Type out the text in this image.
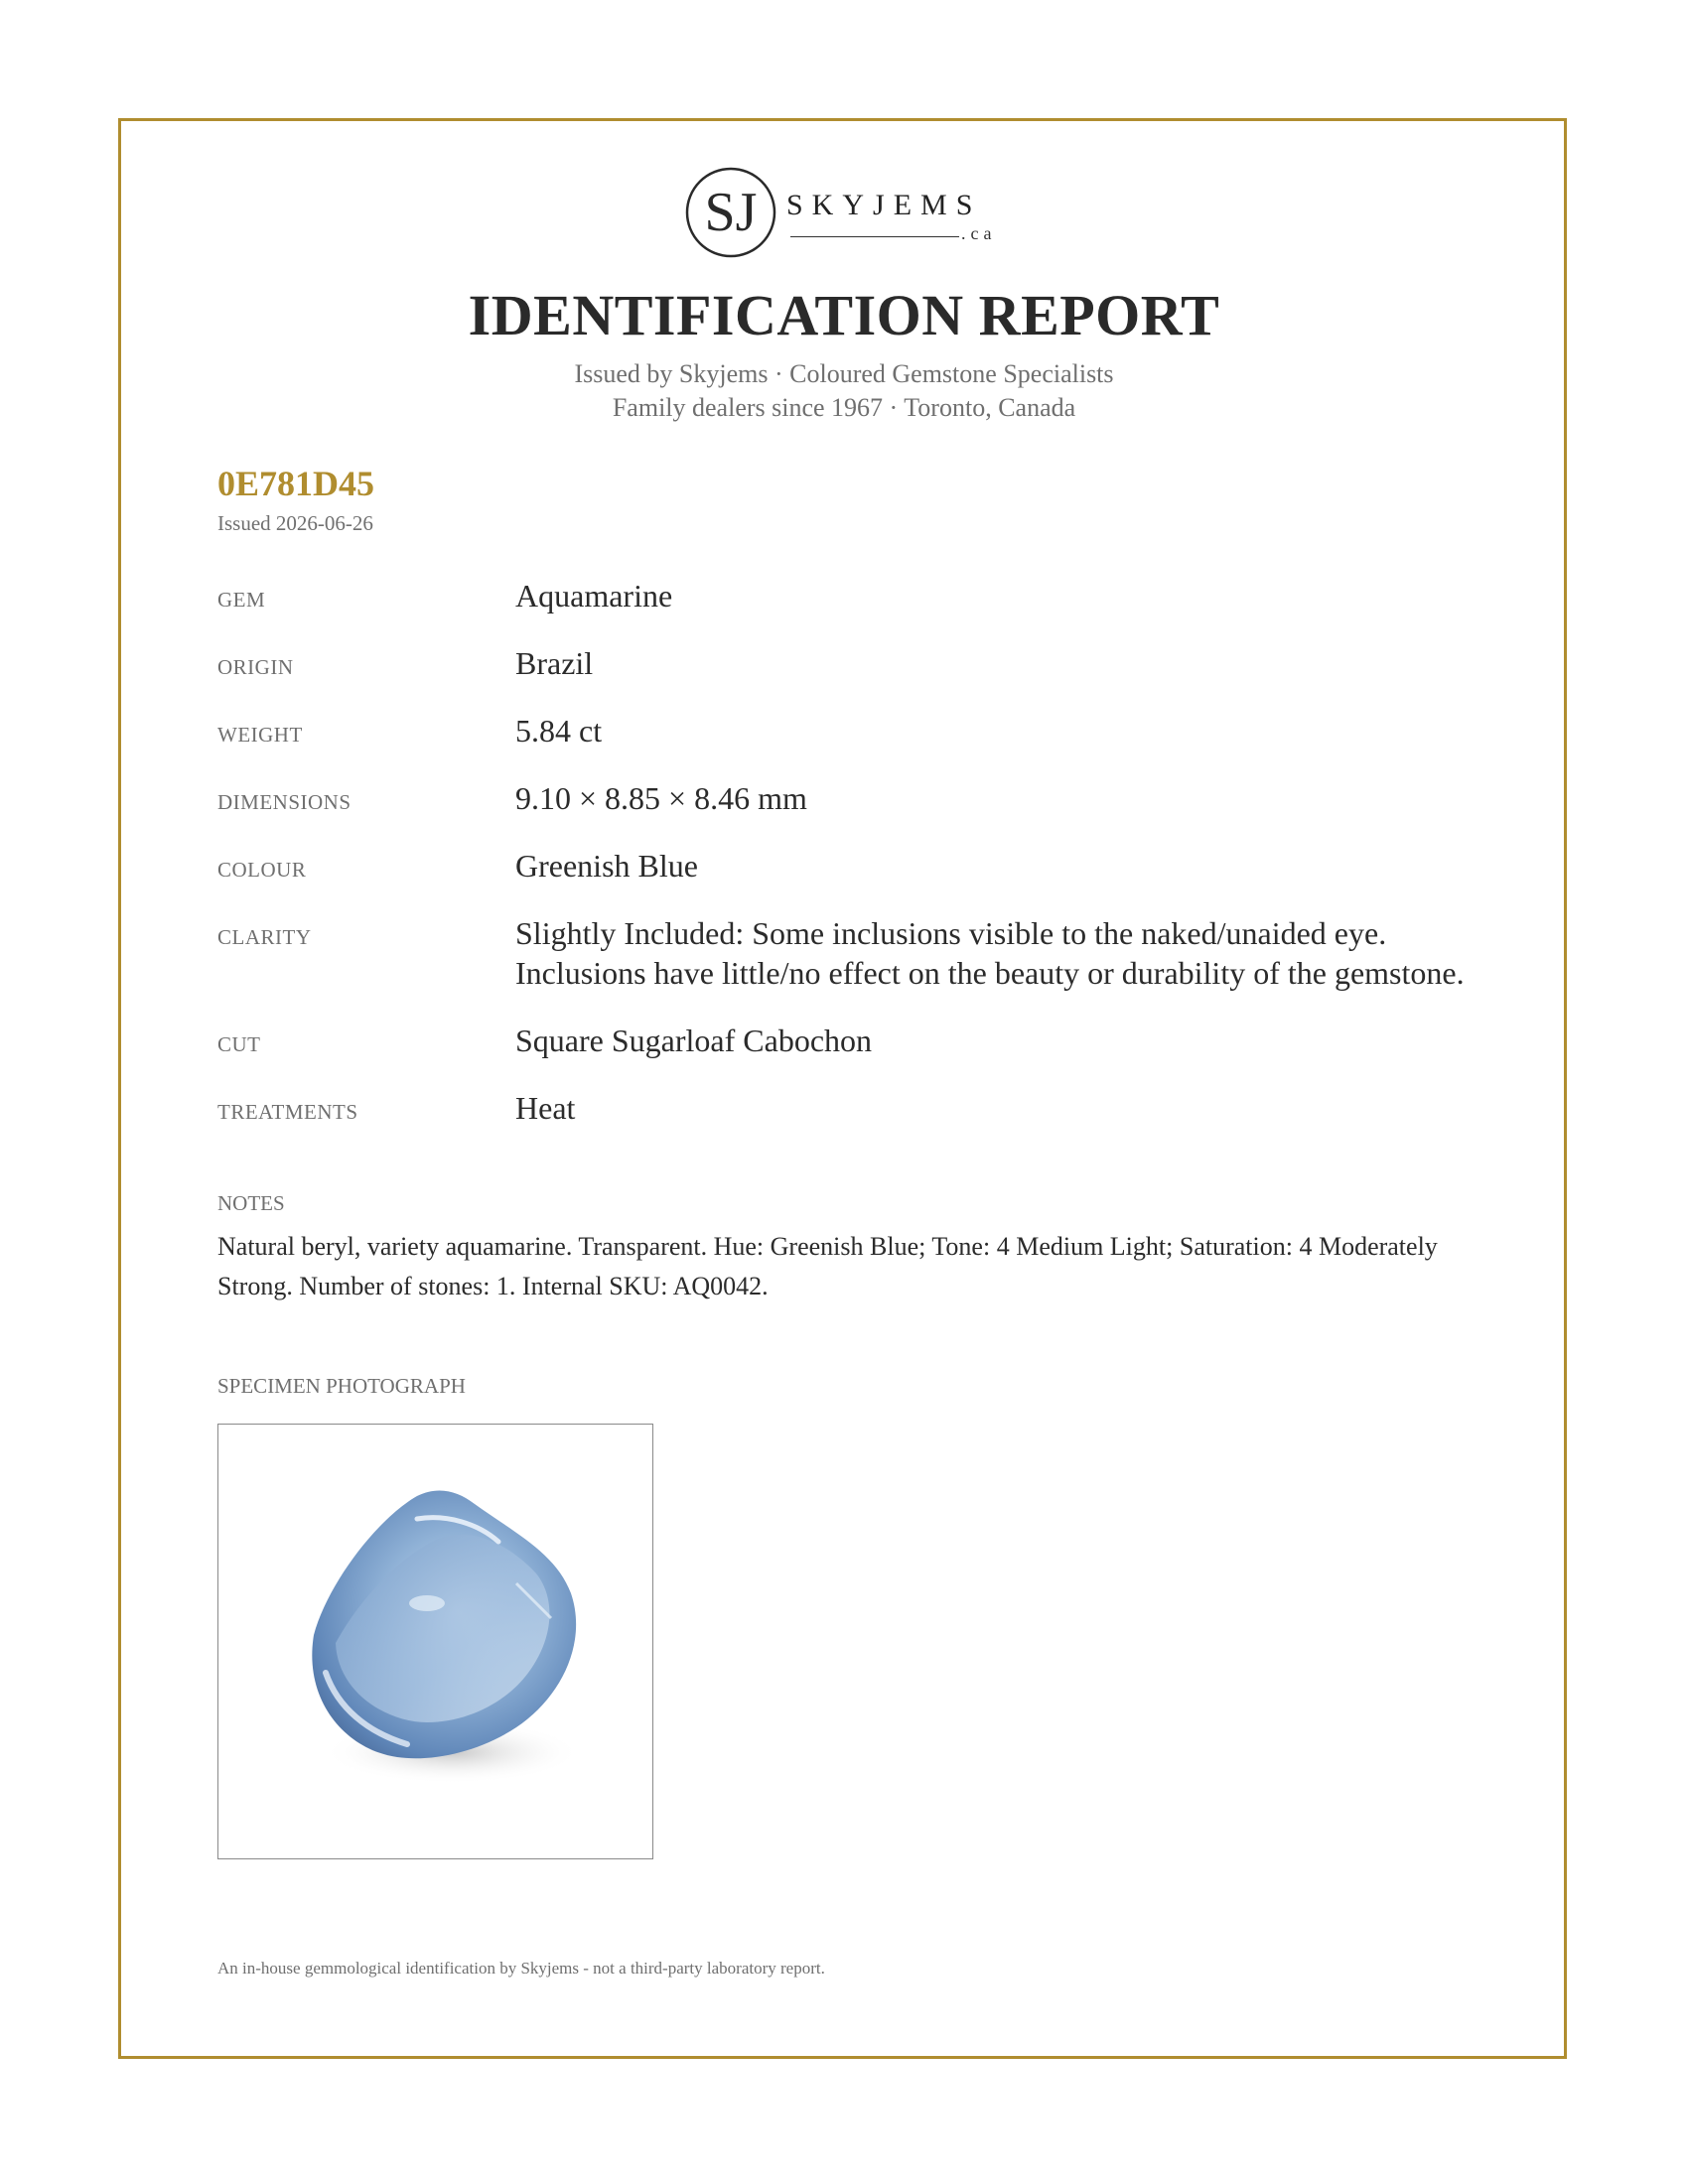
SJ SKYJEMS
.ca
IDENTIFICATION REPORT
Issued by Skyjems · Coloured Gemstone Specialists
Family dealers since 1967 · Toronto, Canada
0E781D45
Issued 2026-06-26
GEM	Aquamarine
ORIGIN	Brazil
WEIGHT	5.84 ct
DIMENSIONS	9.10 × 8.85 × 8.46 mm
COLOUR	Greenish Blue
CLARITY	Slightly Included: Some inclusions visible to the naked/unaided eye. Inclusions have little/no effect on the beauty or durability of the gemstone.
CUT	Square Sugarloaf Cabochon
TREATMENTS	Heat
NOTES
Natural beryl, variety aquamarine. Transparent. Hue: Greenish Blue; Tone: 4 Medium Light; Saturation: 4 Moderately Strong. Number of stones: 1. Internal SKU: AQ0042.
SPECIMEN PHOTOGRAPH
An in-house gemmological identification by Skyjems - not a third-party laboratory report.
